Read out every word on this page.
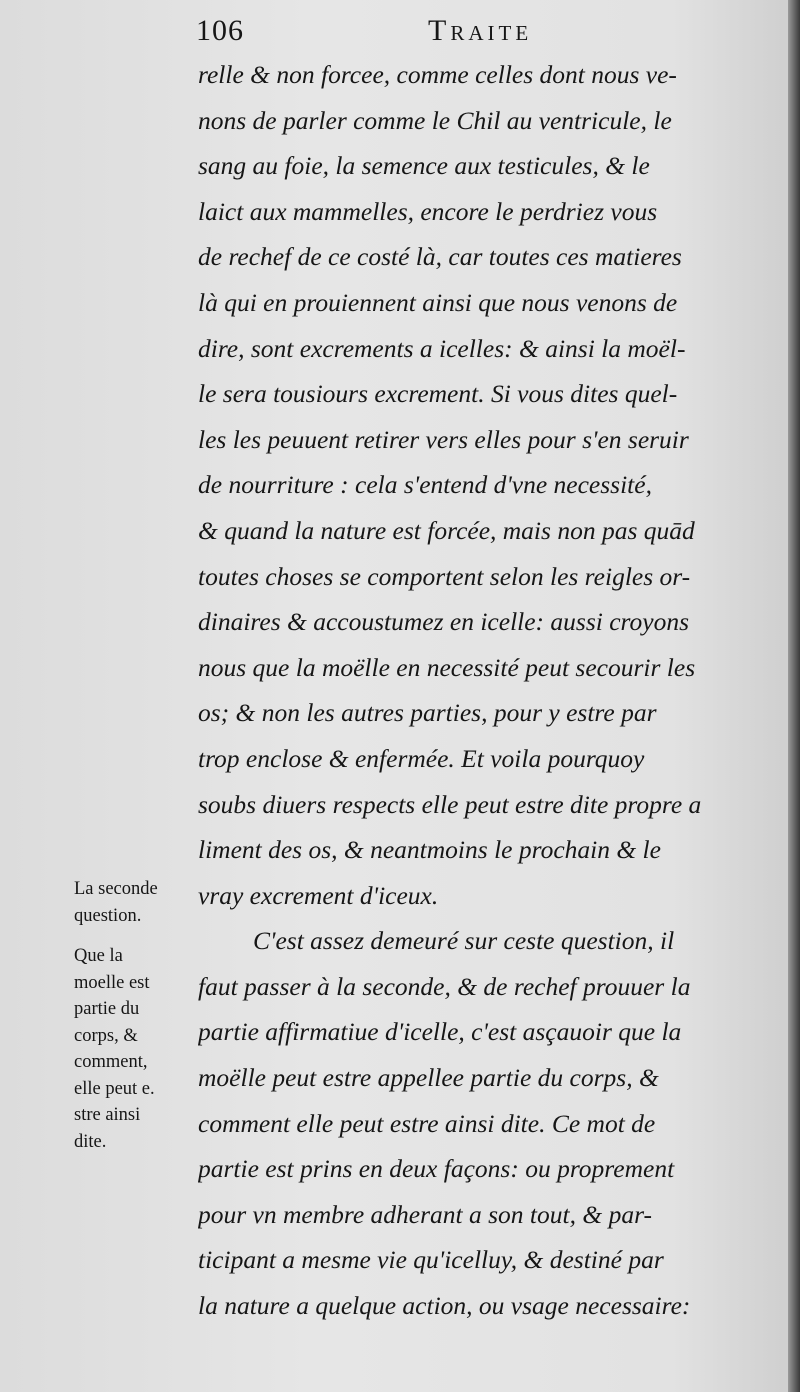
106	Traite
relle & non forcee, comme celles dont nous ve-
nons de parler comme le Chil au ventricule, le
sang au foie, la semence aux testicules, & le
laict aux mammelles, encore le perdriez vous
de rechef de ce costé là, car toutes ces matieres
là qui en prouiennent ainsi que nous venons de
dire, sont excrements a icelles: & ainsi la moël-
le sera tousiours excrement. Si vous dites quel-
les les peuuent retirer vers elles pour s'en seruir
de nourriture : cela s'entend d'vne necessité,
& quand la nature est forcée, mais non pas quād
toutes choses se comportent selon les reigles or-
dinaires & accoustumez en icelle: aussi croyons
nous que la moëlle en necessité peut secourir les
os; & non les autres parties, pour y estre par
trop enclose & enfermée. Et voila pourquoy
soubs diuers respects elle peut estre dite propre a
liment des os, & neantmoins le prochain & le
vray excrement d'iceux.
C'est assez demeuré sur ceste question, il
faut passer à la seconde, & de rechef prouuer la
partie affirmatiue d'icelle, c'est asçauoir que la
moëlle peut estre appellee partie du corps, &
comment elle peut estre ainsi dite. Ce mot de
partie est prins en deux façons: ou proprement
pour vn membre adherant a son tout, & par-
ticipant a mesme vie qu'icelluy, & destiné par
la nature a quelque action, ou vsage necessaire:
La seconde
question.
Que la
moelle est
partie du
corps, &
comment,
elle peut e.
stre ainsi
dite.
